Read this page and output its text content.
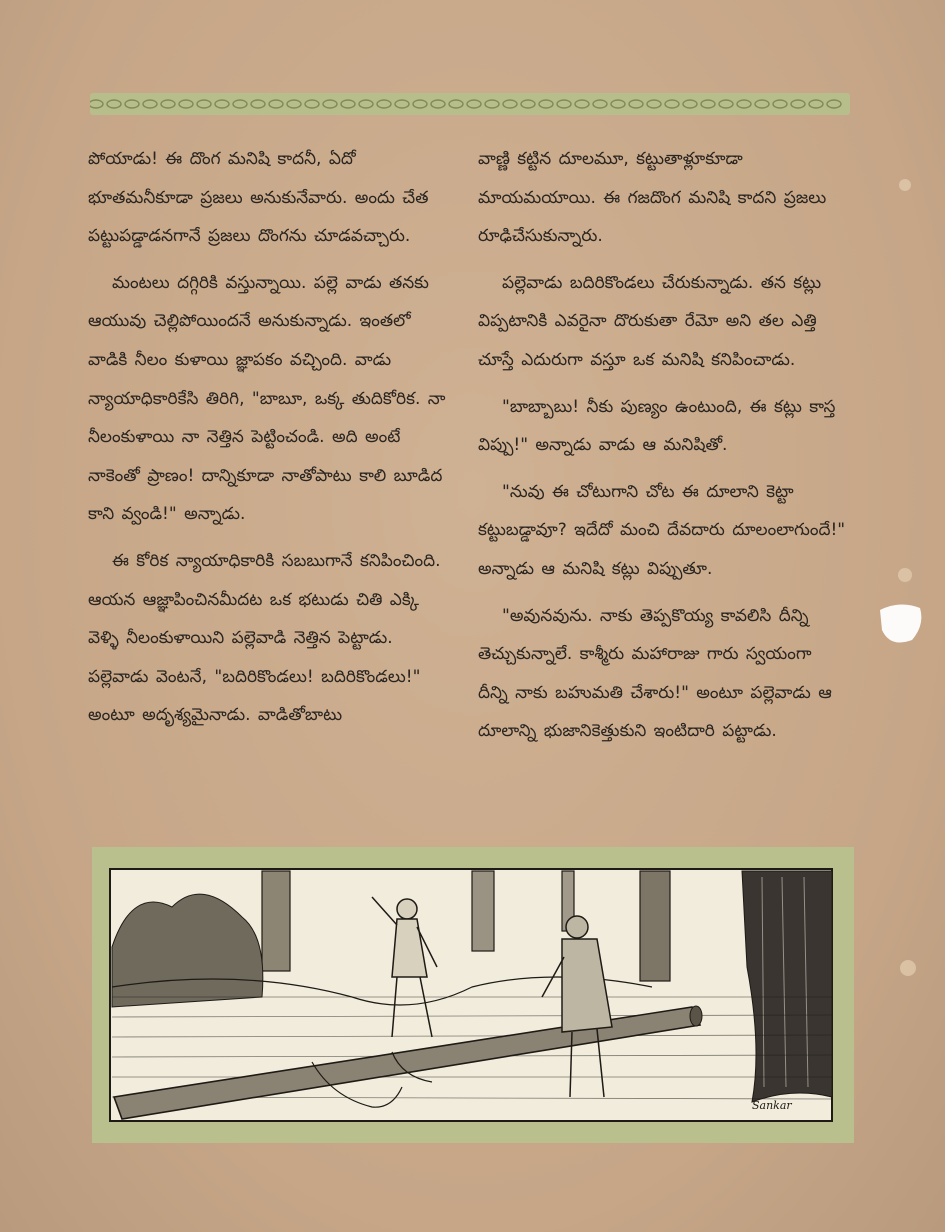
పోయాడు! ఈ దొంగ మనిషి కాదనీ, ఏదో భూతమనీకూడా ప్రజలు అనుకునేవారు. అందు చేత పట్టుపడ్డాడనగానే ప్రజలు దొంగను చూడవచ్చారు.

మంటలు దగ్గిరికి వస్తున్నాయి. పల్లె వాడు తనకు ఆయువు చెల్లిపోయిందనే అనుకున్నాడు. ఇంతలో వాడికి నీలం కుళాయి జ్ఞాపకం వచ్చింది. వాడు న్యాయాధికారికేసి తిరిగి, "బాబూ, ఒక్క తుదికోరిక. నా నీలంకుళాయి నా నెత్తిన పెట్టించండి. అది అంటే నాకెంతో ప్రాణం! దాన్నికూడా నాతోపాటు కాలి బూడిద కాని వ్వండి!" అన్నాడు.

ఈ కోరిక న్యాయాధికారికి సబబుగానే కనిపించింది. ఆయన ఆజ్ఞాపించినమీదట ఒక భటుడు చితి ఎక్కి వెళ్ళి నీలంకుళాయిని పల్లెవాడి నెత్తిన పెట్టాడు. పల్లెవాడు వెంటనే, "బదిరికొండలు! బదిరికొండలు!" అంటూ అదృశ్యమైనాడు. వాడితోబాటు

వాణ్ణి కట్టిన దూలమూ, కట్టుతాళ్లూకూడా మాయమయాయి. ఈ గజదొంగ మనిషి కాదని ప్రజలు రూఢిచేసుకున్నారు.

పల్లెవాడు బదిరికొండలు చేరుకున్నాడు. తన కట్లు విప్పటానికి ఎవరైనా దొరుకుతా రేమో అని తల ఎత్తి చూస్తే ఎదురుగా వస్తూ ఒక మనిషి కనిపించాడు.

"బాబ్బాబు! నీకు పుణ్యం ఉంటుంది, ఈ కట్లు కాస్త విప్పు!" అన్నాడు వాడు ఆ మనిషితో.

"నువు ఈ చోటుగాని చోట ఈ దూలాని కెట్టా కట్టుబడ్డావూ? ఇదేదో మంచి దేవదారు దూలంలాగుందే!" అన్నాడు ఆ మనిషి కట్లు విప్పుతూ.

"అవునవును. నాకు తెప్పకొయ్య కావలిసి దీన్ని తెచ్చుకున్నాలే. కాశ్మీరు మహారాజు గారు స్వయంగా దీన్ని నాకు బహుమతి చేశారు!" అంటూ పల్లెవాడు ఆ దూలాన్ని భుజానికెత్తుకుని ఇంటిదారి పట్టాడు.

Sankar
